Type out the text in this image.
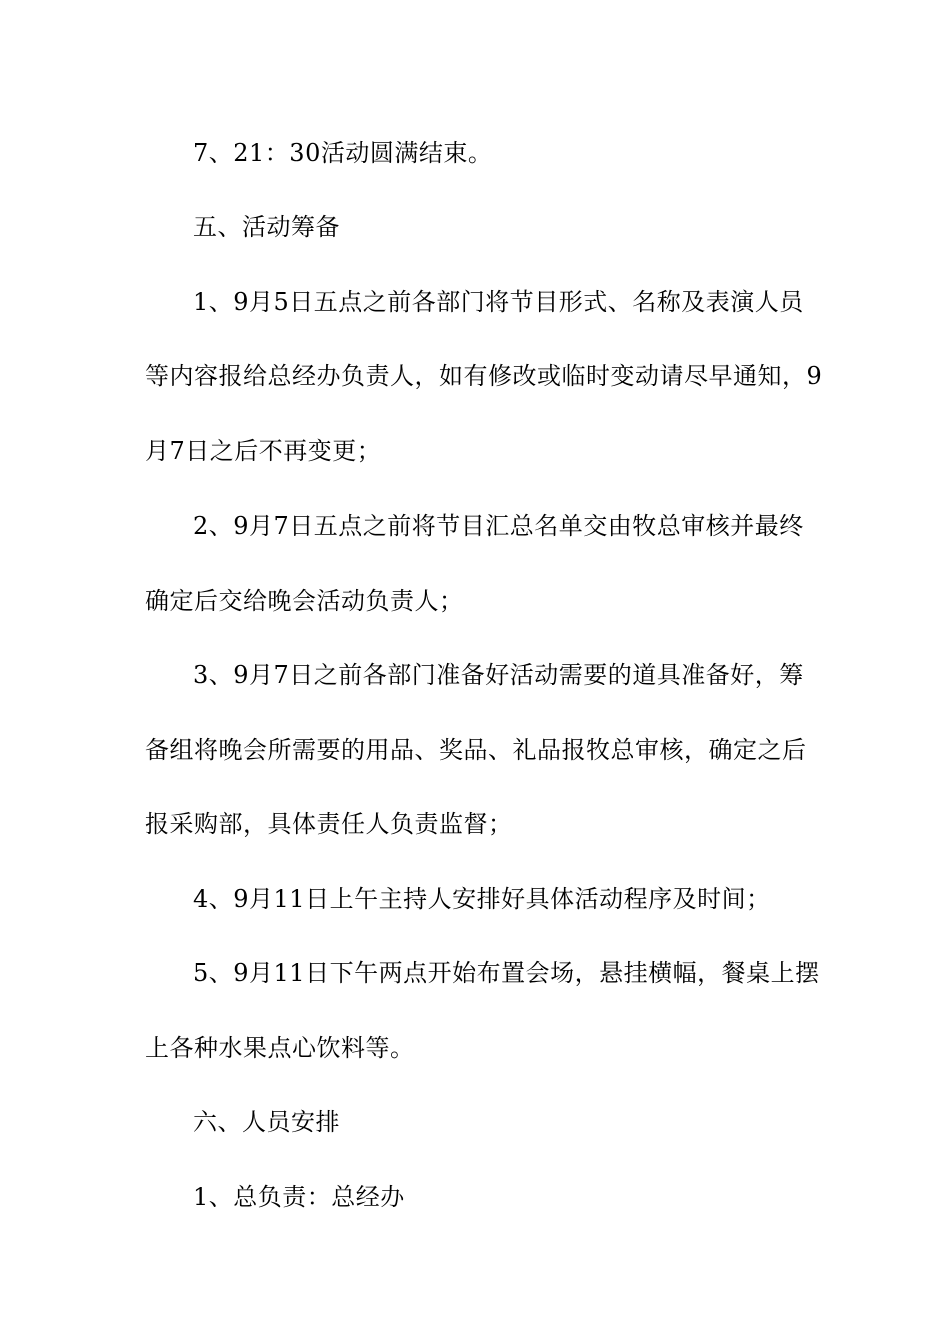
7、21：30活动圆满结束。
五、活动筹备
1、9月5日五点之前各部门将节目形式、名称及表演人员
等内容报给总经办负责人，如有修改或临时变动请尽早通知，9
月7日之后不再变更；
2、9月7日五点之前将节目汇总名单交由牧总审核并最终
确定后交给晚会活动负责人；
3、9月7日之前各部门准备好活动需要的道具准备好，筹
备组将晚会所需要的用品、奖品、礼品报牧总审核，确定之后
报采购部，具体责任人负责监督；
4、9月11日上午主持人安排好具体活动程序及时间；
5、9月11日下午两点开始布置会场，悬挂横幅，餐桌上摆
上各种水果点心饮料等。
六、人员安排
1、总负责：总经办
